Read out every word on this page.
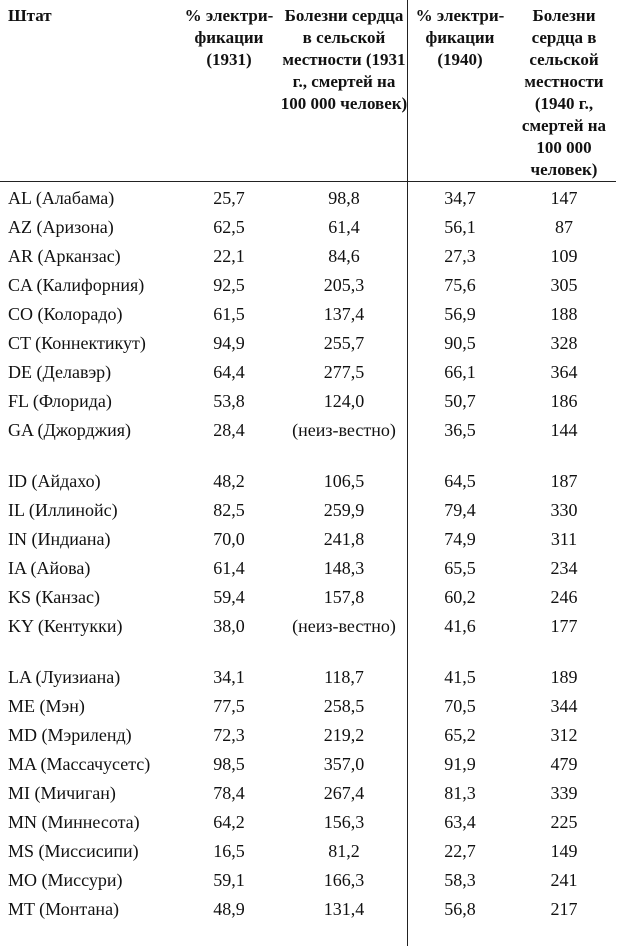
Штат	% электри-фикации (1931)	Болезни сердца в сельской местности (1931 г., смертей на 100 000 человек)	% электри-фикации (1940)	Болезни сердца в сельской местности (1940 г., смертей на 100 000 человек)
AL (Алабама)	25,7	98,8	34,7	147
AZ (Аризона)	62,5	61,4	56,1	87
AR (Арканзас)	22,1	84,6	27,3	109
CA (Калифорния)	92,5	205,3	75,6	305
CO (Колорадо)	61,5	137,4	56,9	188
CT (Коннектикут)	94,9	255,7	90,5	328
DE (Делавэр)	64,4	277,5	66,1	364
FL (Флорида)	53,8	124,0	50,7	186
GA (Джорджия)	28,4	(неиз-вестно)	36,5	144
ID (Айдахо)	48,2	106,5	64,5	187
IL (Иллинойс)	82,5	259,9	79,4	330
IN (Индиана)	70,0	241,8	74,9	311
IA (Айова)	61,4	148,3	65,5	234
KS (Канзас)	59,4	157,8	60,2	246
KY (Кентукки)	38,0	(неиз-вестно)	41,6	177
LA (Луизиана)	34,1	118,7	41,5	189
ME (Мэн)	77,5	258,5	70,5	344
MD (Мэриленд)	72,3	219,2	65,2	312
MA (Массачусетс)	98,5	357,0	91,9	479
MI (Мичиган)	78,4	267,4	81,3	339
MN (Миннесота)	64,2	156,3	63,4	225
MS (Миссисипи)	16,5	81,2	22,7	149
MO (Миссури)	59,1	166,3	58,3	241
MT (Монтана)	48,9	131,4	56,8	217
